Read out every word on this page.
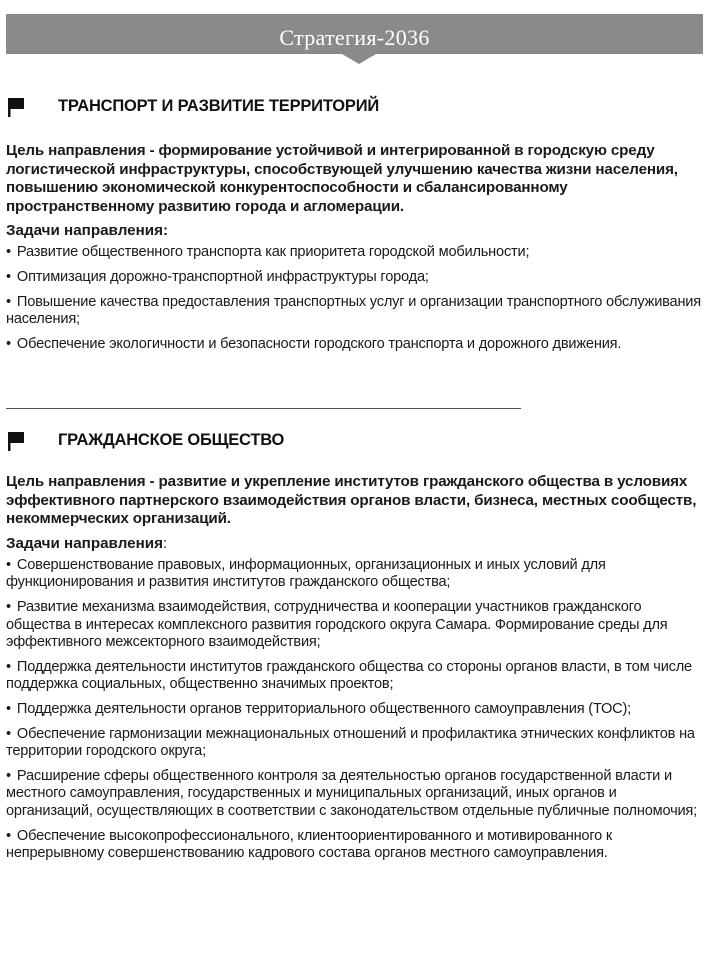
Стратегия-2036
ТРАНСПОРТ И РАЗВИТИЕ ТЕРРИТОРИЙ

Цель направления - формирование устойчивой и интегрированной в городскую среду логистической инфраструктуры, способствующей улучшению качества жизни населения, повышению экономической конкурентоспособности и сбалансированному пространственному развитию города и агломерации.

Задачи направления:
• Развитие общественного транспорта как приоритета городской мобильности;
• Оптимизация дорожно-транспортной инфраструктуры города;
• Повышение качества предоставления транспортных услуг и организации транспортного обслуживания населения;
• Обеспечение экологичности и безопасности городского транспорта и дорожного движения.
ГРАЖДАНСКОЕ ОБЩЕСТВО

Цель направления - развитие и укрепление институтов гражданского общества в условиях эффективного партнерского взаимодействия органов власти, бизнеса, местных сообществ, некоммерческих организаций.

Задачи направления:
• Совершенствование правовых, информационных, организационных и иных условий для функционирования и развития институтов гражданского общества;
• Развитие механизма взаимодействия, сотрудничества и кооперации участников гражданского общества в интересах комплексного развития городского округа Самара. Формирование среды для эффективного межсекторного взаимодействия;
• Поддержка деятельности институтов гражданского общества со стороны органов власти, в том числе поддержка социальных, общественно значимых проектов;
• Поддержка деятельности органов территориального общественного самоуправления (ТОС);
• Обеспечение гармонизации межнациональных отношений и профилактика этнических конфликтов на территории городского округа;
• Расширение сферы общественного контроля за деятельностью органов государственной власти и местного самоуправления, государственных и муниципальных организаций, иных органов и организаций, осуществляющих в соответствии с законодательством отдельные публичные полномочия;
• Обеспечение высокопрофессионального, клиентоориентированного и мотивированного к непрерывному совершенствованию кадрового состава органов местного самоуправления.
